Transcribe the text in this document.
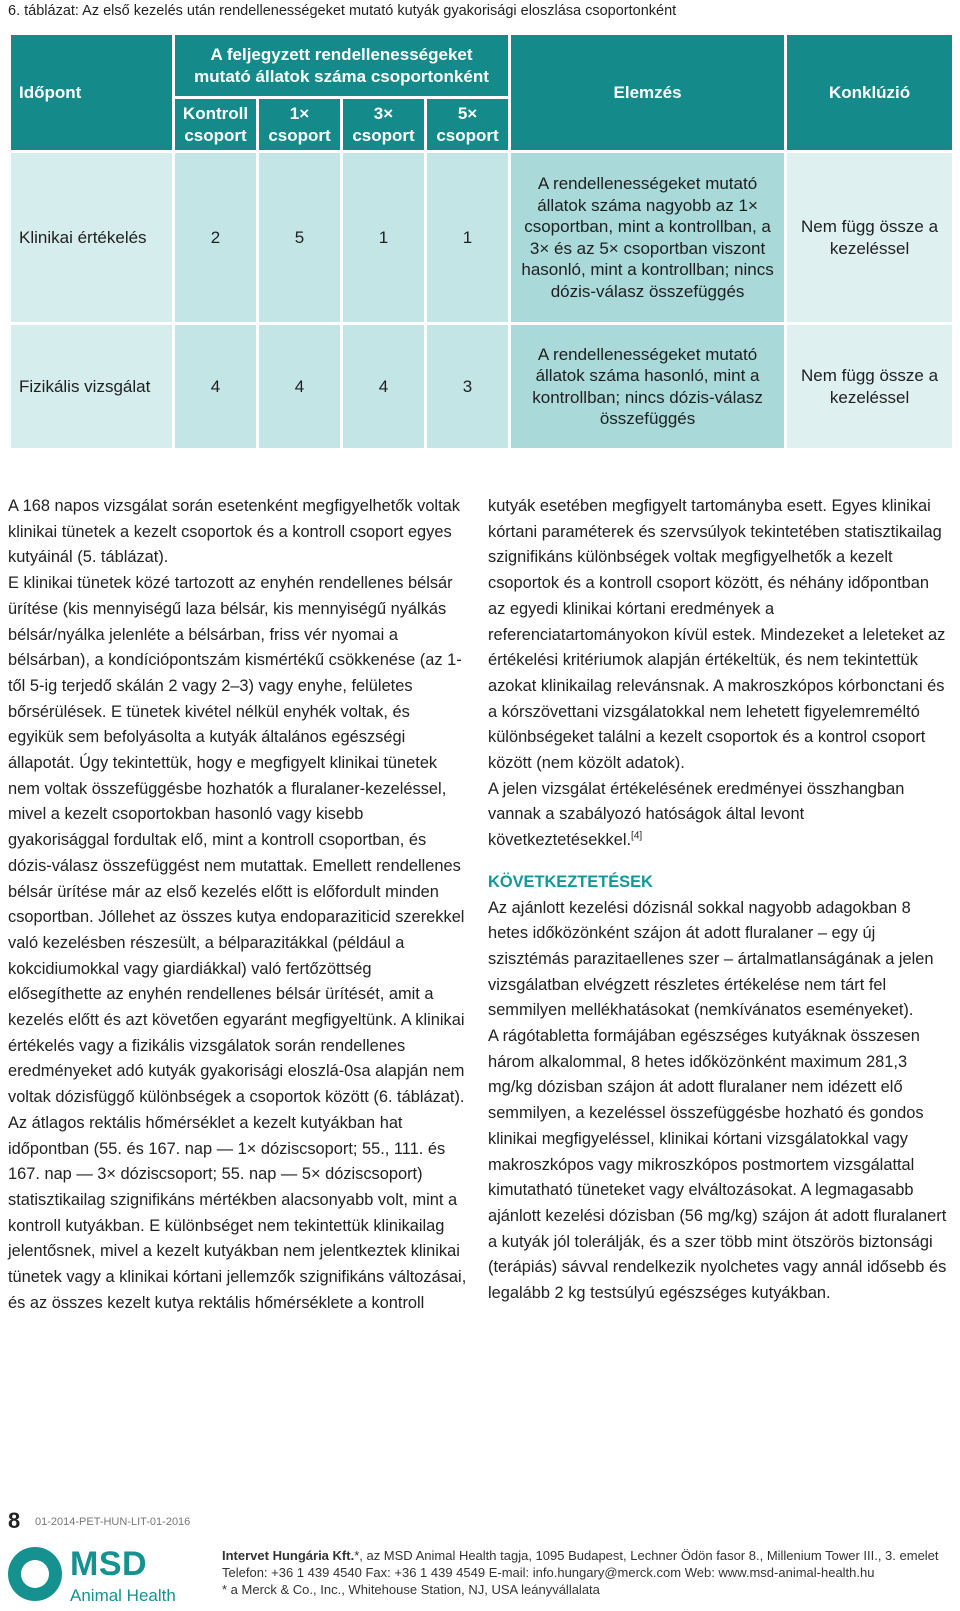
6. táblázat: Az első kezelés után rendellenességeket mutató kutyák gyakorisági eloszlása csoportonként
Időpont	A feljegyzett rendellenességeket mutató állatok száma csoportonként				Elemzés	Konklúzió
	Kontroll csoport	1× csoport	3× csoport	5× csoport		
Klinikai értékelés	2	5	1	1	A rendellenességeket mutató állatok száma nagyobb az 1× csoportban, mint a kontrollban, a 3× és az 5× csoportban viszont hasonló, mint a kontrollban; nincs dózis-válasz összefüggés	Nem függ össze a kezeléssel
Fizikális vizsgálat	4	4	4	3	A rendellenességeket mutató állatok száma hasonló, mint a kontrollban; nincs dózis-válasz összefüggés	Nem függ össze a kezeléssel

A 168 napos vizsgálat során esetenként megfigyelhetők voltak klinikai tünetek a kezelt csoportok és a kontroll csoport egyes kutyáinál (5. táblázat).

E klinikai tünetek közé tartozott az enyhén rendellenes bélsár ürítése (kis mennyiségű laza bélsár, kis mennyiségű nyálkás bélsár/nyálka jelenléte a bélsárban, friss vér nyomai a bélsárban), a kondíciópontszám kismértékű csökkenése (az 1-től 5-ig terjedő skálán 2 vagy 2–3) vagy enyhe, felületes bőrsérülések. E tünetek kivétel nélkül enyhék voltak, és egyikük sem befolyásolta a kutyák általános egészségi állapotát. Úgy tekintettük, hogy e megfigyelt klinikai tünetek nem voltak összefüggésbe hozhatók a fluralaner-kezeléssel, mivel a kezelt csoportokban hasonló vagy kisebb gyakorisággal fordultak elő, mint a kontroll csoportban, és dózis-válasz összefüggést nem mutattak. Emellett rendellenes bélsár ürítése már az első kezelés előtt is előfordult minden csoportban. Jóllehet az összes kutya endoparaziticid szerekkel való kezelésben részesült, a bélparazitákkal (például a kokcidiumokkal vagy giardiákkal) való fertőzöttség elősegíthette az enyhén rendellenes bélsár ürítését, amit a kezelés előtt és azt követően egyaránt megfigyeltünk. A klinikai értékelés vagy a fizikális vizsgálatok során rendellenes eredményeket adó kutyák gyakorisági eloszlá-0sa alapján nem voltak dózisfüggő különbségek a csoportok között (6. táblázat). Az átlagos rektális hőmérséklet a kezelt kutyákban hat időpontban (55. és 167. nap — 1× dóziscsoport; 55., 111. és 167. nap — 3× dóziscsoport; 55. nap — 5× dóziscsoport) statisztikailag szignifikáns mértékben alacsonyabb volt, mint a kontroll kutyákban. E különbséget nem tekintettük klinikailag jelentősnek, mivel a kezelt kutyákban nem jelentkeztek klinikai tünetek vagy a klinikai kórtani jellemzők szignifikáns változásai, és az összes kezelt kutya rektális hőmérséklete a kontroll

kutyák esetében megfigyelt tartományba esett. Egyes klinikai kórtani paraméterek és szervsúlyok tekintetében statisztikailag szignifikáns különbségek voltak megfigyelhetők a kezelt csoportok és a kontroll csoport között, és néhány időpontban az egyedi klinikai kórtani eredmények a referenciatartományokon kívül estek. Mindezeket a leleteket az értékelési kritériumok alapján értékeltük, és nem tekintettük azokat klinikailag relevánsnak. A makroszkópos kórbonctani és a kórszövettani vizsgálatokkal nem lehetett figyelemreméltó különbségeket találni a kezelt csoportok és a kontrol csoport között (nem közölt adatok).

A jelen vizsgálat értékelésének eredményei összhangban vannak a szabályozó hatóságok által levont következtetésekkel.[4]

KÖVETKEZTETÉSEK

Az ajánlott kezelési dózisnál sokkal nagyobb adagokban 8 hetes időközönként szájon át adott fluralaner – egy új szisztémás parazitaellenes szer – ártalmatlanságának a jelen vizsgálatban elvégzett részletes értékelése nem tárt fel semmilyen mellékhatásokat (nemkívánatos eseményeket).

A rágótabletta formájában egészséges kutyáknak összesen három alkalommal, 8 hetes időközönként maximum 281,3 mg/kg dózisban szájon át adott fluralaner nem idézett elő semmilyen, a kezeléssel összefüggésbe hozható és gondos klinikai megfigyeléssel, klinikai kórtani vizsgálatokkal vagy makroszkópos vagy mikroszkópos postmortem vizsgálattal kimutatható tüneteket vagy elváltozásokat. A legmagasabb ajánlott kezelési dózisban (56 mg/kg) szájon át adott fluralanert a kutyák jól tolerálják, és a szer több mint ötszörös biztonsági (terápiás) sávval rendelkezik nyolchetes vagy annál idősebb és legalább 2 kg testsúlyú egészséges kutyákban.

8 01-2014-PET-HUN-LIT-01-2016
MSD
Animal Health
Intervet Hungária Kft.*, az MSD Animal Health tagja, 1095 Budapest, Lechner Ödön fasor 8., Millenium Tower III., 3. emelet
Telefon: +36 1 439 4540 Fax: +36 1 439 4549 E-mail: info.hungary@merck.com Web: www.msd-animal-health.hu
* a Merck & Co., Inc., Whitehouse Station, NJ, USA leányvállalata
